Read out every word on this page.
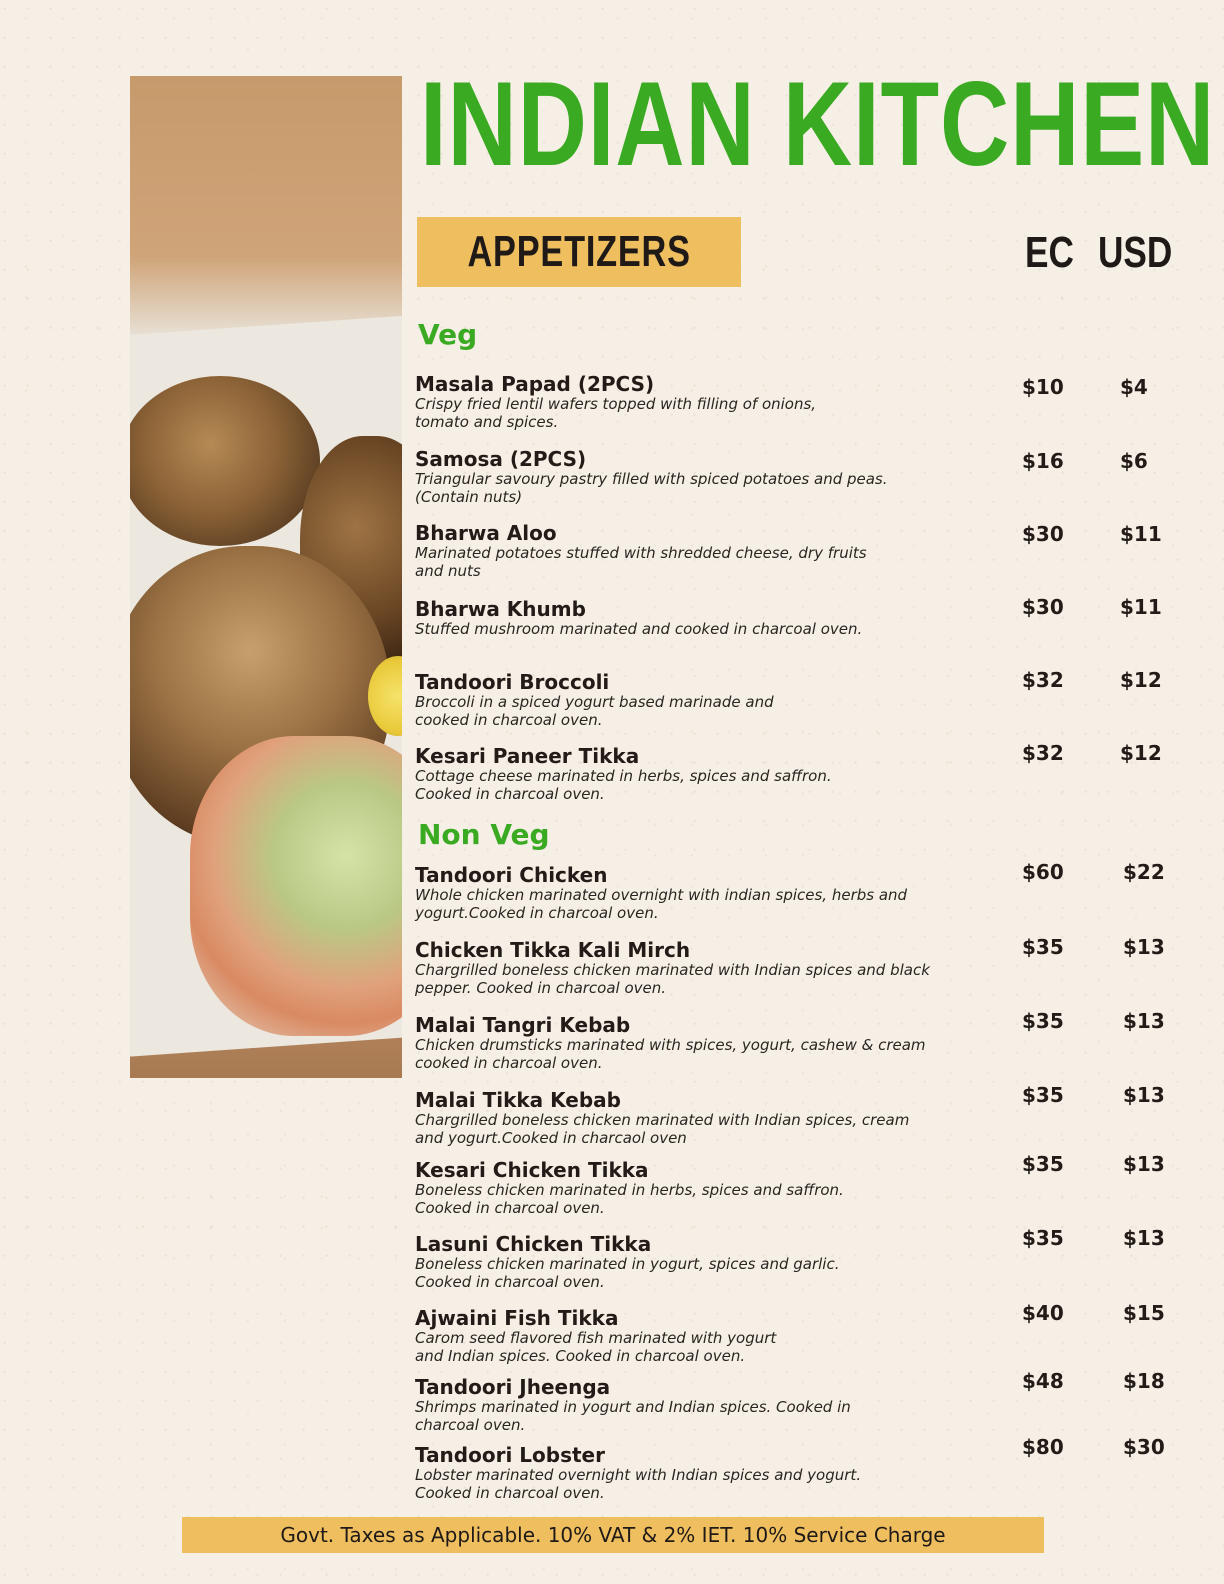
INDIAN KITCHEN
APPETIZERS	EC USD
Veg
Non Veg
Masala Papad (2PCS)
Crispy fried lentil wafers topped with filling of onions,
tomato and spices.
$10	$4
Samosa (2PCS)
Triangular savoury pastry filled with spiced potatoes and peas.
(Contain nuts)
$16	$6
Bharwa Aloo
Marinated potatoes stuffed with shredded cheese, dry fruits
and nuts
$30	$11
Bharwa Khumb
Stuffed mushroom marinated and cooked in charcoal oven.
$30	$11
Tandoori Broccoli
Broccoli in a spiced yogurt based marinade and
cooked in charcoal oven.
$32	$12
Kesari Paneer Tikka
Cottage cheese marinated in herbs, spices and saffron.
Cooked in charcoal oven.
$32	$12
Tandoori Chicken
Whole chicken marinated overnight with indian spices, herbs and
yogurt.Cooked in charcoal oven.
$60	$22
Chicken Tikka Kali Mirch
Chargrilled boneless chicken marinated with Indian spices and black
pepper. Cooked in charcoal oven.
$35	$13
Malai Tangri Kebab
Chicken drumsticks marinated with spices, yogurt, cashew & cream
cooked in charcoal oven.
$35	$13
Malai Tikka Kebab
Chargrilled boneless chicken marinated with Indian spices, cream
and yogurt.Cooked in charcaol oven
$35	$13
Kesari Chicken Tikka
Boneless chicken marinated in herbs, spices and saffron.
Cooked in charcoal oven.
$35	$13
Lasuni Chicken Tikka
Boneless chicken marinated in yogurt, spices and garlic.
Cooked in charcoal oven.
$35	$13
Ajwaini Fish Tikka
Carom seed flavored fish marinated with yogurt
and Indian spices. Cooked in charcoal oven.
$40	$15
Tandoori Jheenga
Shrimps marinated in yogurt and Indian spices. Cooked in
charcoal oven.
$48	$18
Tandoori Lobster
Lobster marinated overnight with Indian spices and yogurt.
Cooked in charcoal oven.
$80	$30
Govt. Taxes as Applicable. 10% VAT & 2% IET. 10% Service Charge
